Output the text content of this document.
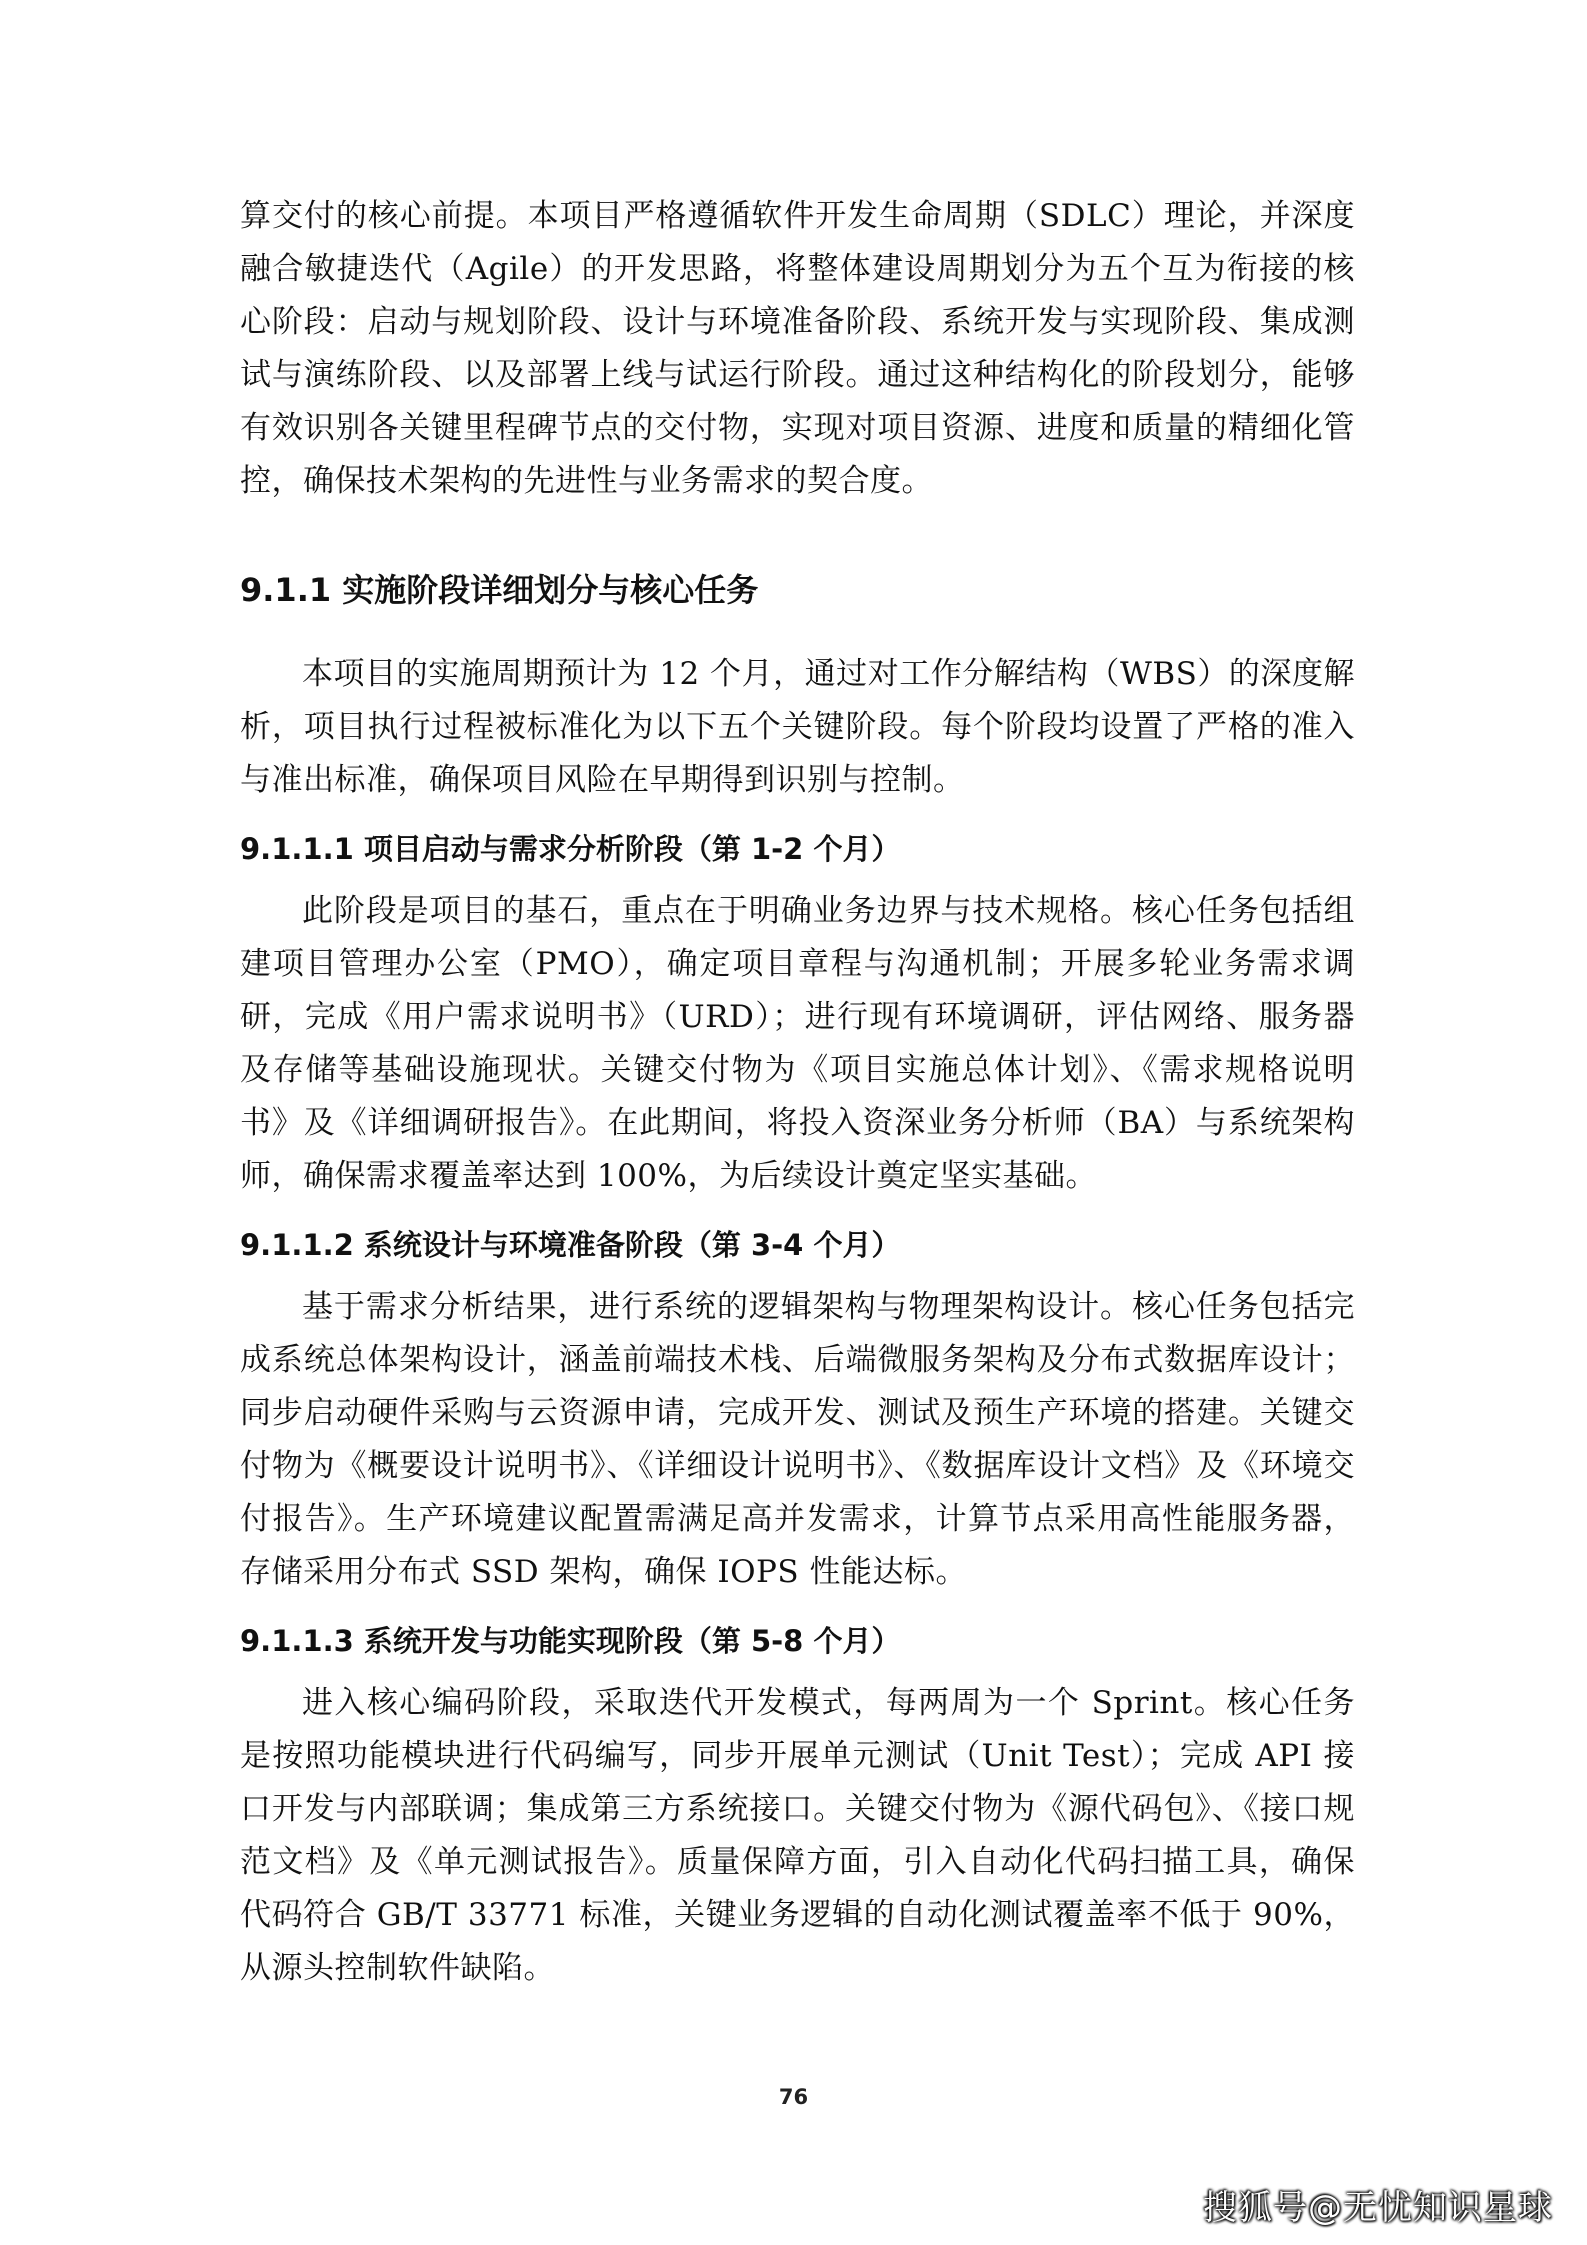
算交付的核心前提。本项目严格遵循软件开发生命周期（SDLC）理论，并深度融合敏捷迭代（Agile）的开发思路，将整体建设周期划分为五个互为衔接的核心阶段：启动与规划阶段、设计与环境准备阶段、系统开发与实现阶段、集成测试与演练阶段、以及部署上线与试运行阶段。通过这种结构化的阶段划分，能够有效识别各关键里程碑节点的交付物，实现对项目资源、进度和质量的精细化管控，确保技术架构的先进性与业务需求的契合度。

9.1.1 实施阶段详细划分与核心任务

本项目的实施周期预计为 12 个月，通过对工作分解结构（WBS）的深度解析，项目执行过程被标准化为以下五个关键阶段。每个阶段均设置了严格的准入与准出标准，确保项目风险在早期得到识别与控制。

9.1.1.1 项目启动与需求分析阶段（第 1-2 个月）

此阶段是项目的基石，重点在于明确业务边界与技术规格。核心任务包括组建项目管理办公室（PMO），确定项目章程与沟通机制；开展多轮业务需求调研，完成《用户需求说明书》（URD）；进行现有环境调研，评估网络、服务器及存储等基础设施现状。关键交付物为《项目实施总体计划》、《需求规格说明书》及《详细调研报告》。在此期间，将投入资深业务分析师（BA）与系统架构师，确保需求覆盖率达到 100%，为后续设计奠定坚实基础。

9.1.1.2 系统设计与环境准备阶段（第 3-4 个月）

基于需求分析结果，进行系统的逻辑架构与物理架构设计。核心任务包括完成系统总体架构设计，涵盖前端技术栈、后端微服务架构及分布式数据库设计；同步启动硬件采购与云资源申请，完成开发、测试及预生产环境的搭建。关键交付物为《概要设计说明书》、《详细设计说明书》、《数据库设计文档》及《环境交付报告》。生产环境建议配置需满足高并发需求，计算节点采用高性能服务器，存储采用分布式 SSD 架构，确保 IOPS 性能达标。

9.1.1.3 系统开发与功能实现阶段（第 5-8 个月）

进入核心编码阶段，采取迭代开发模式，每两周为一个 Sprint。核心任务是按照功能模块进行代码编写，同步开展单元测试（Unit Test）；完成 API 接口开发与内部联调；集成第三方系统接口。关键交付物为《源代码包》、《接口规范文档》及《单元测试报告》。质量保障方面，引入自动化代码扫描工具，确保代码符合 GB/T 33771 标准，关键业务逻辑的自动化测试覆盖率不低于 90%，从源头控制软件缺陷。

76
搜狐号@无忧知识星球
